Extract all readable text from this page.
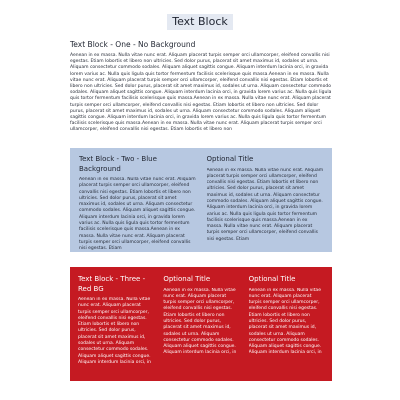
Text Block
Text Block - One - No Background

Aenean in ex massa. Nulla vitae nunc erat. Aliquam placerat turpis semper orci ullamcorper, eleifend convallis nisi egestas. Etiam lobortis et libero non ultricies. Sed dolor purus, placerat sit amet maximus id, sodales ut urna. Aliquam consectetur commodo sodales. Aliquam aliquet sagittis congue. Aliquam interdum lacinia orci, in gravida lorem varius ac. Nulla quis ligula quis tortor fermentum facilisis scelerisque quis massa.Aenean in ex massa. Nulla vitae nunc erat. Aliquam placerat turpis semper orci ullamcorper, eleifend convallis nisi egestas. Etiam lobortis et libero non ultricies. Sed dolor purus, placerat sit amet maximus id, sodales ut urna. Aliquam consectetur commodo sodales. Aliquam aliquet sagittis congue. Aliquam interdum lacinia orci, in gravida lorem varius ac. Nulla quis ligula quis tortor fermentum facilisis scelerisque quis massa.Aenean in ex massa. Nulla vitae nunc erat. Aliquam placerat turpis semper orci ullamcorper, eleifend convallis nisi egestas. Etiam lobortis et libero non ultricies. Sed dolor purus, placerat sit amet maximus id, sodales ut urna. Aliquam consectetur commodo sodales. Aliquam aliquet sagittis congue. Aliquam interdum lacinia orci, in gravida lorem varius ac. Nulla quis ligula quis tortor fermentum facilisis scelerisque quis massa.Aenean in ex massa. Nulla vitae nunc erat. Aliquam placerat turpis semper orci ullamcorper, eleifend convallis nisi egestas. Etiam lobortis et libero non

Text Block - Two - Blue Background

Aenean in ex massa. Nulla vitae nunc erat. Aliquam placerat turpis semper orci ullamcorper, eleifend convallis nisi egestas. Etiam lobortis et libero non ultricies. Sed dolor purus, placerat sit amet maximus id, sodales ut urna. Aliquam consectetur commodo sodales. Aliquam aliquet sagittis congue. Aliquam interdum lacinia orci, in gravida lorem varius ac. Nulla quis ligula quis tortor fermentum facilisis scelerisque quis massa.Aenean in ex massa. Nulla vitae nunc erat. Aliquam placerat turpis semper orci ullamcorper, eleifend convallis nisi egestas. Etiam

Optional Title

Aenean in ex massa. Nulla vitae nunc erat. Aliquam placerat turpis semper orci ullamcorper, eleifend convallis nisi egestas. Etiam lobortis et libero non ultricies. Sed dolor purus, placerat sit amet maximus id, sodales ut urna. Aliquam consectetur commodo sodales. Aliquam aliquet sagittis congue. Aliquam interdum lacinia orci, in gravida lorem varius ac. Nulla quis ligula quis tortor fermentum facilisis scelerisque quis massa.Aenean in ex massa. Nulla vitae nunc erat. Aliquam placerat turpis semper orci ullamcorper, eleifend convallis nisi egestas. Etiam

Text Block - Three - Red BG

Aenean in ex massa. Nulla vitae nunc erat. Aliquam placerat turpis semper orci ullamcorper, eleifend convallis nisi egestas. Etiam lobortis et libero non ultricies. Sed dolor purus, placerat sit amet maximus id, sodales ut urna. Aliquam consectetur commodo sodales. Aliquam aliquet sagittis congue. Aliquam interdum lacinia orci, in

Optional Title

Aenean in ex massa. Nulla vitae nunc erat. Aliquam placerat turpis semper orci ullamcorper, eleifend convallis nisi egestas. Etiam lobortis et libero non ultricies. Sed dolor purus, placerat sit amet maximus id, sodales ut urna. Aliquam consectetur commodo sodales. Aliquam aliquet sagittis congue. Aliquam interdum lacinia orci, in

Optional Title

Aenean in ex massa. Nulla vitae nunc erat. Aliquam placerat turpis semper orci ullamcorper, eleifend convallis nisi egestas. Etiam lobortis et libero non ultricies. Sed dolor purus, placerat sit amet maximus id, sodales ut urna. Aliquam consectetur commodo sodales. Aliquam aliquet sagittis congue. Aliquam interdum lacinia orci, in
